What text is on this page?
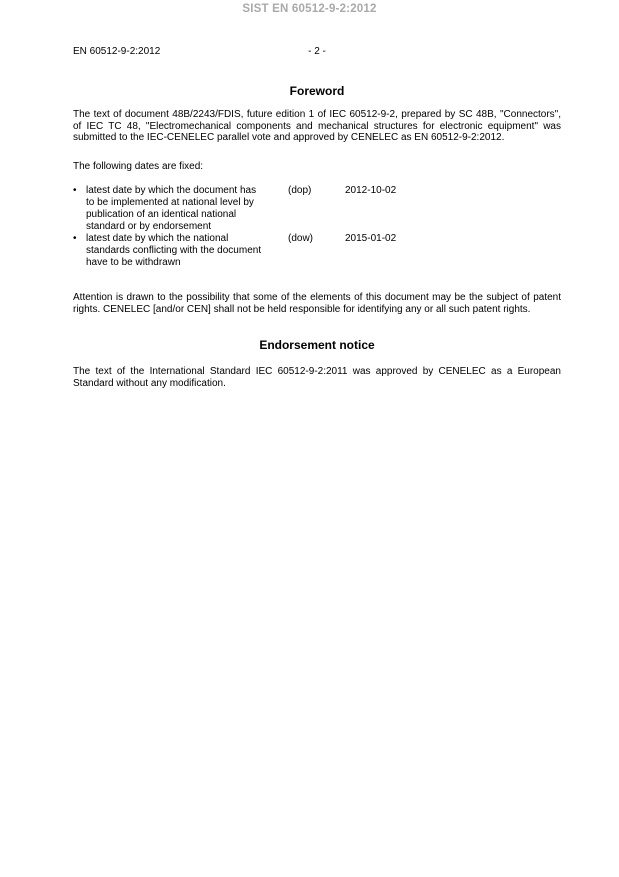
SIST EN 60512-9-2:2012
EN 60512-9-2:2012	- 2 -
Foreword
The text of document 48B/2243/FDIS, future edition 1 of IEC 60512-9-2, prepared by SC 48B, "Connectors", of IEC TC 48, "Electromechanical components and mechanical structures for electronic equipment" was submitted to the IEC-CENELEC parallel vote and approved by CENELEC as EN 60512-9-2:2012.
The following dates are fixed:
• latest date by which the document has to be implemented at national level by publication of an identical national standard or by endorsement
(dop)	2012-10-02
• latest date by which the national standards conflicting with the document have to be withdrawn
(dow)	2015-01-02
Attention is drawn to the possibility that some of the elements of this document may be the subject of patent rights. CENELEC [and/or CEN] shall not be held responsible for identifying any or all such patent rights.
Endorsement notice
The text of the International Standard IEC 60512-9-2:2011 was approved by CENELEC as a European Standard without any modification.
